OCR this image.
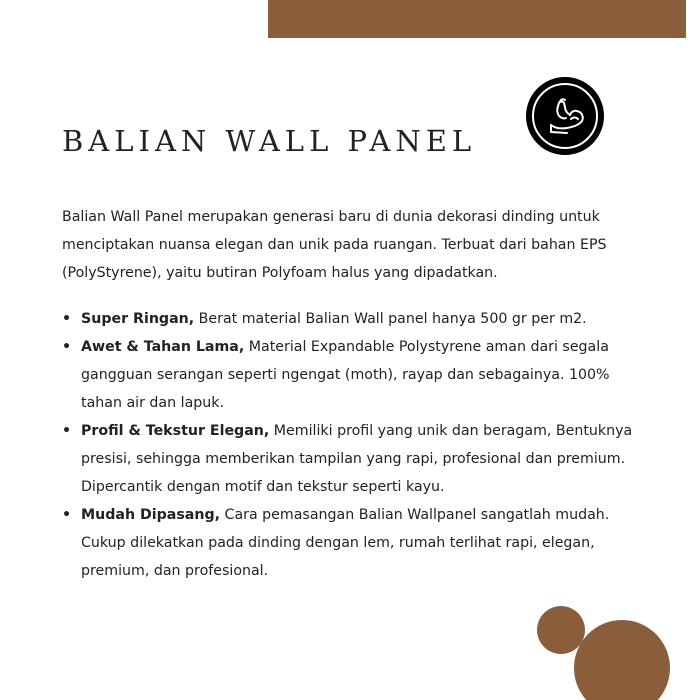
BALIAN WALL PANEL

Balian Wall Panel merupakan generasi baru di dunia dekorasi dinding untuk menciptakan nuansa elegan dan unik pada ruangan. Terbuat dari bahan EPS (PolyStyrene), yaitu butiran Polyfoam halus yang dipadatkan.

• Super Ringan, Berat material Balian Wall panel hanya 500 gr per m2.
• Awet & Tahan Lama, Material Expandable Polystyrene aman dari segala gangguan serangan seperti ngengat (moth), rayap dan sebagainya. 100% tahan air dan lapuk.
• Profil & Tekstur Elegan, Memiliki profil yang unik dan beragam, Bentuknya presisi, sehingga memberikan tampilan yang rapi, profesional dan premium. Dipercantik dengan motif dan tekstur seperti kayu.
• Mudah Dipasang, Cara pemasangan Balian Wallpanel sangatlah mudah. Cukup dilekatkan pada dinding dengan lem, rumah terlihat rapi, elegan, premium, dan profesional.
